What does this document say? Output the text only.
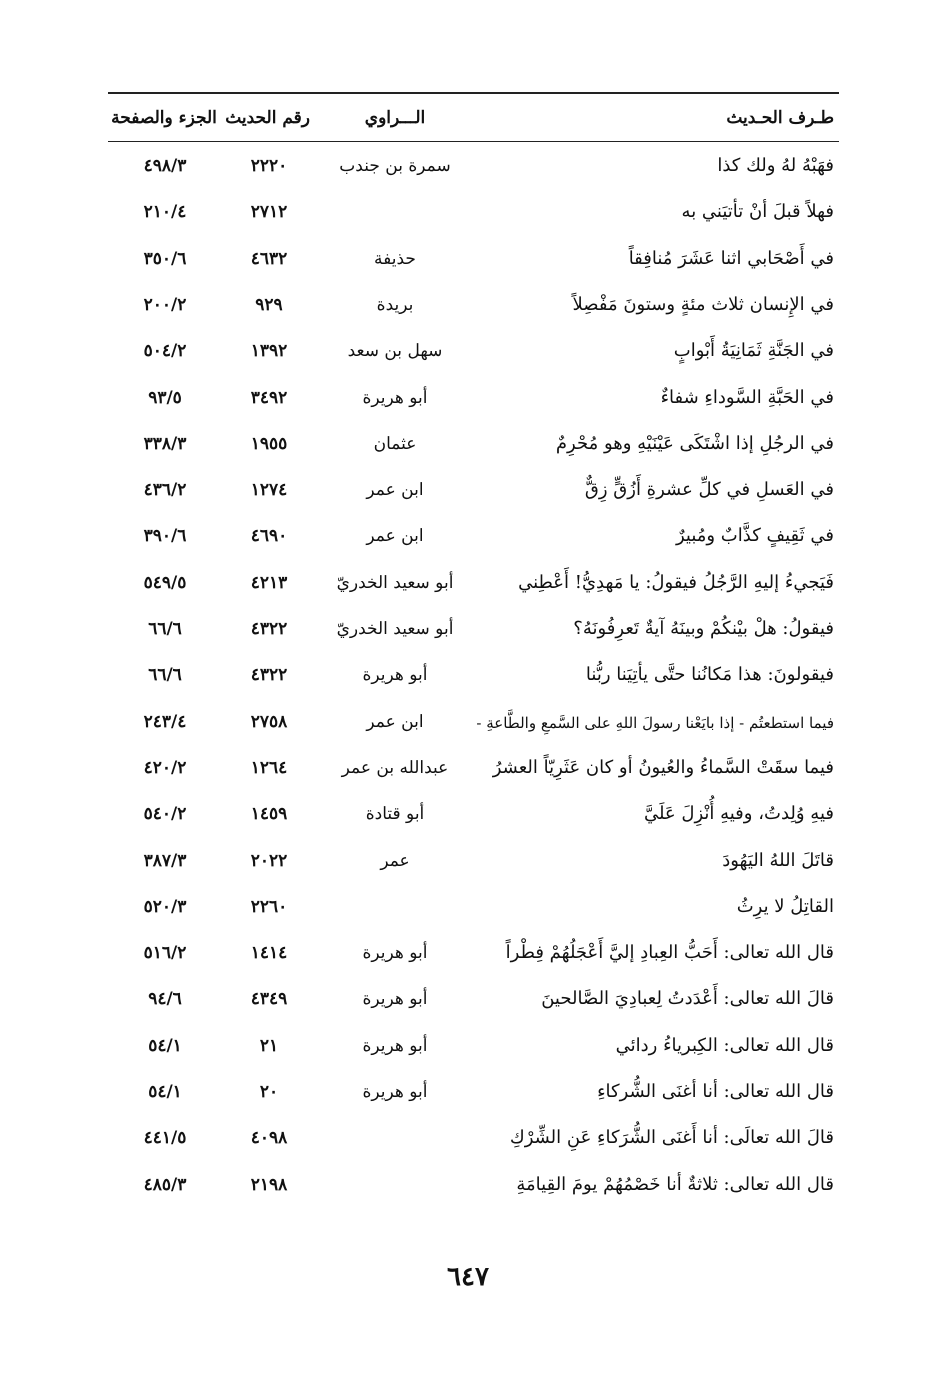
طـرف الحـديث
الـــراوي
رقم الحديث
الجزء والصفحة
فهَبْهُ لهُ ولك كذا
سمرة بن جندب
٢٢٢٠
٤٩٨/٣
فهلاً قبلَ أنْ تأتيَني به
٢٧١٢
٢١٠/٤
في أَصْحَابي اثنا عَشَرَ مُنافِقاً
حذيفة
٤٦٣٢
٣٥٠/٦
في الإِنسان ثلاث مئةٍ وستونَ مَفْصِلاً
بريدة
٩٢٩
٢٠٠/٢
في الجَنَّةِ ثَمَانِيَةُ أَبْوابٍ
سهل بن سعد
١٣٩٢
٥٠٤/٢
في الحَبَّةِ السَّوداءِ شفاءٌ
أبو هريرة
٣٤٩٢
٩٣/٥
في الرجُلِ إذا اشْتَكَى عَيْنَيْهِ وهو مُحْرِمٌ
عثمان
١٩٥٥
٣٣٨/٣
في العَسلِ في كلِّ عشرةِ أَزُقٍّ زِقٌّ
ابن عمر
١٢٧٤
٤٣٦/٢
في ثَقِيفٍ كذَّابٌ ومُبيرٌ
ابن عمر
٤٦٩٠
٣٩٠/٦
فَيَجيءُ إليهِ الرَّجُلُ فيقولُ: يا مَهدِيُّ! أَعْطِني
أبو سعيد الخدريّ
٤٢١٣
٥٤٩/٥
فيقولُ: هلْ بيْنكُمْ وبينَهُ آيةٌ تَعرِفُونَهُ؟
أبو سعيد الخدريّ
٤٣٢٢
٦٦/٦
فيقولونَ: هذا مَكانُنا حتَّى يأتِيَنا ربُّنا
أبو هريرة
٤٣٢٢
٦٦/٦
فيما استطعتُم - إذا بايَعْنا رسولَ اللهِ على السَّمعِ والطَّاعةِ -
ابن عمر
٢٧٥٨
٢٤٣/٤
فيما سقَتْ السَّماءُ والعُيونُ أو كان عَثَرِيّاً العشرُ
عبدالله بن عمر
١٢٦٤
٤٢٠/٢
فيهِ وُلِدتُ، وفيهِ أُنْزِلَ عَلَيَّ
أبو قتادة
١٤٥٩
٥٤٠/٢
قاتَلَ اللهُ اليَهُودَ
عمر
٢٠٢٢
٣٨٧/٣
القاتِلُ لا يرِثُ
٢٢٦٠
٥٢٠/٣
قال الله تعالى: أَحَبُّ العِبادِ إليَّ أَعْجَلُهُمْ فِطْراً
أبو هريرة
١٤١٤
٥١٦/٢
قالَ الله تعالى: أَعْدَدتُ لِعبادِيَ الصَّالحينَ
أبو هريرة
٤٣٤٩
٩٤/٦
قال الله تعالى: الكِبرياءُ ردائي
أبو هريرة
٢١
٥٤/١
قال الله تعالى: أنا أغنَى الشُّركاءِ
أبو هريرة
٢٠
٥٤/١
قالَ الله تعالَى: أنا أَغنَى الشُّرَكاءِ عَنِ الشِّرْكِ
٤٠٩٨
٤٤١/٥
قال الله تعالى: ثلاثةٌ أنا خَصْمُهُمْ يومَ القِيامَةِ
٢١٩٨
٤٨٥/٣
٦٤٧
